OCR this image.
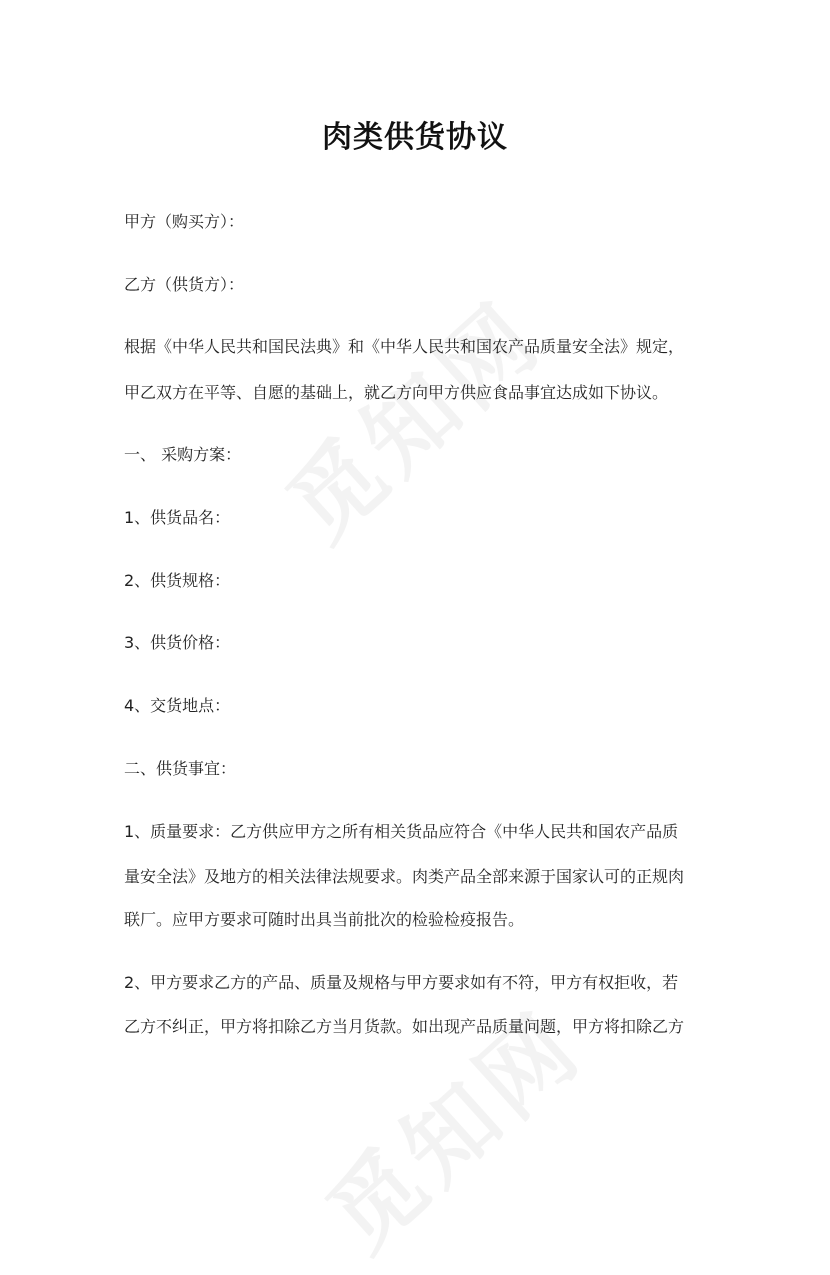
肉类供货协议
甲方（购买方）：
乙方（供货方）：
根据《中华人民共和国民法典》和《中华人民共和国农产品质量安全法》规定，
甲乙双方在平等、自愿的基础上，就乙方向甲方供应食品事宜达成如下协议。
一、 采购方案：
1、供货品名：
2、供货规格：
3、供货价格：
4、交货地点：
二、供货事宜：
1、质量要求：乙方供应甲方之所有相关货品应符合《中华人民共和国农产品质
量安全法》及地方的相关法律法规要求。肉类产品全部来源于国家认可的正规肉
联厂。应甲方要求可随时出具当前批次的检验检疫报告。
2、甲方要求乙方的产品、质量及规格与甲方要求如有不符，甲方有权拒收，若
乙方不纠正，甲方将扣除乙方当月货款。如出现产品质量问题，甲方将扣除乙方
